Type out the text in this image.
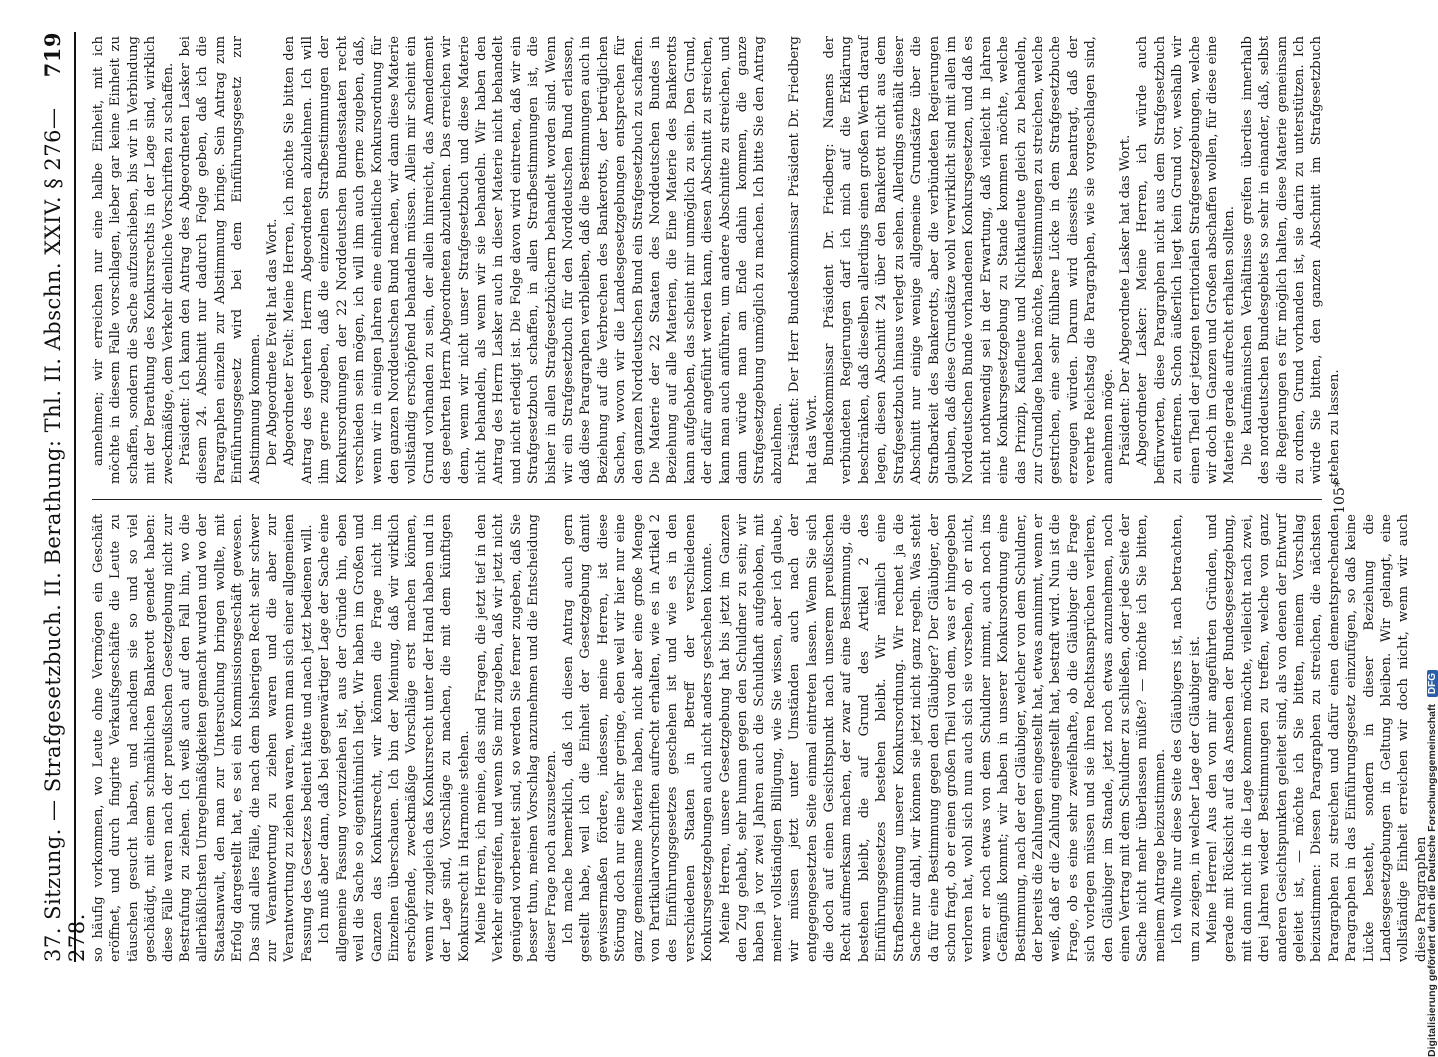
37. Sitzung. — Strafgesetzbuch. II. Berathung: Thl. II. Abschn. XXIV. § 276—278.
719

so häufig vorkommen, wo Leute ohne Vermögen ein Geschäft eröffnet, und durch fingirte Verkaufsgeschäfte die Leute zu täuschen gesucht haben, und nachdem sie so und so viel geschädigt, mit einem schmählichen Bankerott geendet haben: diese Fälle waren nach der preußischen Gesetzgebung nicht zur Bestrafung zu ziehen. Ich weiß auch auf den Fall hin, wo die allerhäßlichsten Unregelmäßigkeiten gemacht wurden und wo der Staatsanwalt, den man zur Untersuchung bringen wollte, mit Erfolg dargestellt hat, es sei ein Kommissionsgeschäft gewesen. Das sind alles Fälle, die nach dem bisherigen Recht sehr schwer zur Verantwortung zu ziehen waren und die aber zur Verantwortung zu ziehen waren, wenn man sich einer allgemeinen Fassung des Gesetzes bedient hätte und nach jetzt bedienen will. Ich muß aber dann, daß bei gegenwärtiger Lage der Sache eine allgemeine Fassung vorzuziehen ist, aus der Gründe hin, eben weil die Sache so eigenthümlich liegt. Wir haben im Großen und Ganzen das Konkursrecht, wir können die Frage nicht im Einzelnen überschauen. Ich bin der Meinung, daß wir wirklich erschöpfende, zweckmäßige Vorschläge erst machen können, wenn wir zugleich das Konkursrecht unter der Hand haben und in der Lage sind, Vorschläge zu machen, die mit dem künftigen Konkursrecht in Harmonie stehen. Meine Herren, ich meine, das sind Fragen, die jetzt tief in den Verkehr eingreifen, und wenn Sie mir zugeben, daß wir jetzt nicht genügend vorbereitet sind, so werden Sie ferner zugeben, daß Sie besser thun, meinen Vorschlag anzunehmen und die Entscheidung dieser Frage noch auszusetzen. Ich mache bemerklich, daß ich diesen Antrag auch gern gestellt habe, weil ich die Einheit der Gesetzgebung damit gewissermaßen fördere, indessen, meine Herren, ist diese Störung doch nur eine sehr geringe, eben weil wir hier nur eine ganz gemeinsame Materie haben, nicht aber eine große Menge von Partikularvorschriften aufrecht erhalten, wie es in Artikel 2 des Einführungsgesetzes geschehen ist und wie es in den verschiedenen Staaten in Betreff der verschiedenen Konkursgesetzgebungen auch nicht anders geschehen konnte. Meine Herren, unsere Gesetzgebung hat bis jetzt im Ganzen den Zug gehabt, sehr human gegen den Schuldner zu sein; wir haben ja vor zwei Jahren auch die Schuldhaft aufgehoben, mit meiner vollständigen Billigung, wie Sie wissen, aber ich glaube, wir müssen jetzt unter Umständen auch nach der entgegengesetzten Seite einmal eintreten lassen. Wenn Sie sich die doch auf einen Gesichtspunkt nach unserem preußischen Recht aufmerksam machen, der zwar auf eine Bestimmung, die bestehen bleibt, die auf Grund des Artikel 2 des Einführungsgesetzes bestehen bleibt. Wir nämlich eine Strafbestimmung unserer Konkursordnung. Wir rechnet ja die Sache nur dahl, wir können sie jetzt nicht ganz regeln. Was steht da für eine Bestimmung gegen den Gläubiger? Der Gläubiger, der schon fragt, ob er einen großen Theil von dem, was er hingegeben verloren hat, wohl sich nun auch sich sie vorsehen, ob er nicht, wenn er noch etwas von dem Schuldner nimmt, auch noch ins Gefängniß kommt; wir haben in unserer Konkursordnung eine Bestimmung, nach der der Gläubiger, welcher von dem Schuldner, der bereits die Zahlungen eingestellt hat, etwas annimmt, wenn er weiß, daß er die Zahlung eingestellt hat, bestraft wird. Nun ist die Frage, ob es eine sehr zweifelhafte, ob die Gläubiger die Frage sich vorlegen müssen und sie ihren Rechtsansprüchen verlieren, den Gläubiger im Stande, jetzt noch etwas anzunehmen, noch einen Vertrag mit dem Schuldner zu schließen, oder jede Seite der Sache nicht mehr überlassen müßte? — möchte ich Sie bitten, meinem Antrage beizustimmen. Ich wollte nur diese Seite des Gläubigers ist, nach betrachten, um zu zeigen, in welcher Lage der Gläubiger ist. Meine Herren! Aus den von mir angeführten Gründen, und gerade mit Rücksicht auf das Ansehen der Bundesgesetzgebung, mit dann nicht in die Lage kommen möchte, vielleicht nach zwei, drei Jahren wieder Bestimmungen zu treffen, welche von ganz anderen Gesichtspunkten geleitet sind, als von denen der Entwurf geleitet ist, — möchte ich Sie bitten, meinem Vorschlag beizustimmen: Diesen Paragraphen zu streichen, die nächsten Paragraphen zu streichen und dafür einen dementsprechenden Paragraphen in das Einführungsgesetz einzufügen, so daß keine Lücke besteht, sondern in dieser Beziehung die Landesgesetzgebungen in Geltung bleiben. Wir gelangt, eine vollständige Einheit erreichen wir doch nicht, wenn wir auch diese Paragraphen

annehmen; wir erreichen nur eine halbe Einheit, mit ich möchte in diesem Falle vorschlagen, lieber gar keine Einheit zu schaffen, sondern die Sache aufzuschieben, bis wir in Verbindung mit der Berathung des Konkursrechts in der Lage sind, wirklich zweckmäßige, dem Verkehr dienliche Vorschriften zu schaffen. Präsident: Ich kann den Antrag des Abgeordneten Lasker bei diesem 24. Abschnitt nur dadurch Folge geben, daß ich die Paragraphen einzeln zur Abstimmung bringe. Sein Antrag zum Einführungsgesetz wird bei dem Einführungsgesetz zur Abstimmung kommen. Der Abgeordnete Evelt hat das Wort. Abgeordneter Evelt: Meine Herren, ich möchte Sie bitten den Antrag des geehrten Herrn Abgeordneten abzulehnen. Ich will ihm gerne zugeben, daß die einzelnen Strafbestimmungen der Konkursordnungen der 22 Norddeutschen Bundesstaaten recht verschieden sein mögen, ich will ihm auch gerne zugeben, daß, wenn wir in einigen Jahren eine einheitliche Konkursordnung für den ganzen Norddeutschen Bund machen, wir dann diese Materie vollständig erschöpfend behandeln müssen. Allein mir scheint ein Grund vorhanden zu sein, der allein hinreicht, das Amendement des geehrten Herrn Abgeordneten abzulehnen. Das erreichen wir denn, wenn wir nicht unser Strafgesetzbuch und diese Materie nicht behandeln, als wenn wir sie behandeln. Wir haben den Antrag des Herrn Lasker auch in dieser Materie nicht behandelt und nicht erledigt ist. Die Folge davon wird eintreten, daß wir ein Strafgesetzbuch schaffen, in allen Strafbestimmungen ist, die bisher in allen Strafgesetzbüchern behandelt worden sind. Wenn wir ein Strafgesetzbuch für den Norddeutschen Bund erlassen, daß diese Paragraphen verbleiben, daß die Bestimmungen auch in Beziehung auf die Verbrechen des Bankerotts, der betrüglichen Sachen, wovon wir die Landesgesetzgebungen entsprechen für den ganzen Norddeutschen Bund ein Strafgesetzbuch zu schaffen. Die Materie der 22 Staaten des Norddeutschen Bundes in Beziehung auf alle Materien, die Eine Materie des Bankerotts kann aufgehoben, das scheint mir unmöglich zu sein. Den Grund, der dafür angeführt werden kann, diesen Abschnitt zu streichen, kann man auch anführen, um andere Abschnitte zu streichen, und dann würde man am Ende dahin kommen, die ganze Strafgesetzgebung unmöglich zu machen. Ich bitte Sie den Antrag abzulehnen. Präsident: Der Herr Bundeskommissar Präsident Dr. Friedberg hat das Wort. Bundeskommissar Präsident Dr. Friedberg: Namens der verbündeten Regierungen darf ich mich auf die Erklärung beschränken, daß dieselben allerdings einen großen Werth darauf legen, diesen Abschnitt 24 über den Bankerott nicht aus dem Strafgesetzbuch hinaus verlegt zu sehen. Allerdings enthält dieser Abschnitt nur einige wenige allgemeine Grundsätze über die Strafbarkeit des Bankerotts, aber die verbündeten Regierungen glauben, daß diese Grundsätze wohl verwirklicht sind mit allen im Norddeutschen Bunde vorhandenen Konkursgesetzen, und daß es nicht nothwendig sei in der Erwartung, daß vielleicht in Jahren eine Konkursgesetzgebung zu Stande kommen möchte, welche das Prinzip, Kaufleute und Nichtkaufleute gleich zu behandeln, zur Grundlage haben möchte, Bestimmungen zu streichen, welche gestrichen, eine sehr fühlbare Lücke in dem Strafgesetzbuche erzeugen würden. Darum wird diesseits beantragt, daß der verehrte Reichstag die Paragraphen, wie sie vorgeschlagen sind, annehmen möge. Präsident: Der Abgeordnete Lasker hat das Wort. Abgeordneter Lasker: Meine Herren, ich würde auch befürworten, diese Paragraphen nicht aus dem Strafgesetzbuch zu entfernen. Schon äußerlich liegt kein Grund vor, weshalb wir einen Theil der jetzigen territorialen Strafgesetzgebungen, welche wir doch im Ganzen und Großen abschaffen wollen, für diese eine Materie gerade aufrecht erhalten sollten. Die kaufmännischen Verhältnisse greifen überdies innerhalb des norddeutschen Bundesgebiets so sehr in einander, daß, selbst die Regierungen es für möglich halten, diese Materie gemeinsam zu ordnen, Grund vorhanden ist, sie darin zu unterstützen. Ich würde Sie bitten, den ganzen Abschnitt im Strafgesetzbuch stehen zu lassen.

105*
Digitalisierung gefördert durch die Deutsche Forschungsgemeinschaft DFG
